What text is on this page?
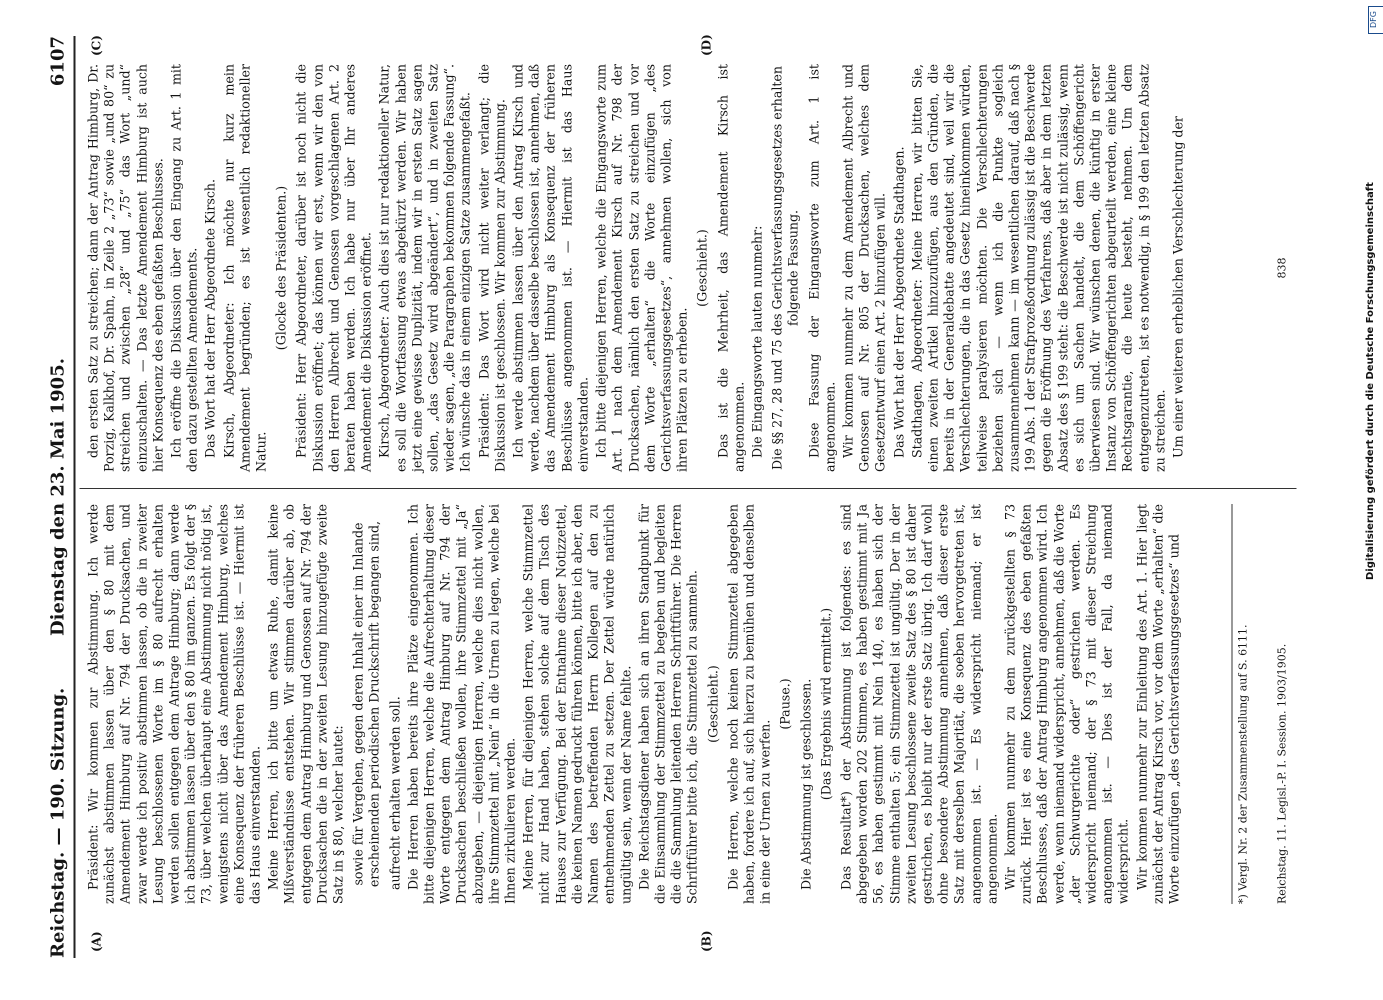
Reichstag. — 190. Sitzung.
Dienstag den 23. Mai 1905.
6107
(A)	(B)
(C)	(D)

Präsident: Wir kommen zur Abstimmung. Ich werde zunächst abstimmen lassen über den § 80 mit dem Amendement Himburg auf Nr. 794 der Drucksachen, und zwar werde ich positiv abstimmen lassen, ob die in zweiter Lesung beschlossenen Worte im § 80 aufrecht erhalten werden sollen entgegen dem Antrage Himburg; dann werde ich abstimmen lassen über den § 80 im ganzen. Es folgt der § 73, über welchen überhaupt eine Abstimmung nicht nötig ist, wenigstens nicht über das Amendement Himburg, welches eine Konsequenz der früheren Beschlüsse ist. — Hiermit ist das Haus einverstanden. Meine Herren, ich bitte um etwas Ruhe, damit keine Mißverständnisse entstehen. Wir stimmen darüber ab, ob entgegen dem Antrag Himburg und Genossen auf Nr. 794 der Drucksachen die in der zweiten Lesung hinzugefügte zweite Satz in § 80, welcher lautet: sowie für Vergehen, gegen deren Inhalt einer im Inlande erscheinenden periodischen Druckschrift begangen sind, aufrecht erhalten werden soll. Die Herren haben bereits ihre Plätze eingenommen. Ich bitte diejenigen Herren, welche die Aufrechterhaltung dieser Worte entgegen dem Antrag Himburg auf Nr. 794 der Drucksachen beschließen wollen, ihre Stimmzettel mit „Ja“ abzugeben, — diejenigen Herren, welche dies nicht wollen, ihre Stimmzettel mit „Nein“ in die Urnen zu legen, welche bei Ihnen zirkulieren werden. Meine Herren, für diejenigen Herren, welche Stimmzettel nicht zur Hand haben, stehen solche auf dem Tisch des Hauses zur Verfügung. Bei der Entnahme dieser Notizzettel, die keinen Namen gedruckt führen können, bitte ich aber, den Namen des betreffenden Herrn Kollegen auf den zu entnehmenden Zettel zu setzen. Der Zettel würde natürlich ungültig sein, wenn der Name fehlte. Die Reichstagsdiener haben sich an ihren Standpunkt für die Einsammlung der Stimmzettel zu begeben und begleiten die die Sammlung leitenden Herren Schriftführer. Die Herren Schriftführer bitte ich, die Stimmzettel zu sammeln. (Geschieht.) Die Herren, welche noch keinen Stimmzettel abgegeben haben, fordere ich auf, sich hierzu zu bemühen und denselben in eine der Urnen zu werfen.

(Pause.) Die Abstimmung ist geschlossen. (Das Ergebnis wird ermittelt.) Das Resultat*) der Abstimmung ist folgendes: es sind abgegeben worden 202 Stimmen, es haben gestimmt mit Ja 56, es haben gestimmt mit Nein 140, es haben sich der Stimme enthalten 5; ein Stimmzettel ist ungültig. Der in der zweiten Lesung beschlossene zweite Satz des § 80 ist daher gestrichen, es bleibt nur der erste Satz übrig. Ich darf wohl ohne besondere Abstimmung annehmen, daß dieser erste Satz mit derselben Majorität, die soeben hervorgetreten ist, angenommen ist. — Es widerspricht niemand; er ist angenommen. Wir kommen nunmehr zu dem zurückgestellten § 73 zurück. Hier ist es eine Konsequenz des eben gefaßten Beschlusses, daß der Antrag Himburg angenommen wird. Ich werde, wenn niemand widerspricht, annehmen, daß die Worte „der Schwurgerichte oder“ gestrichen werden. Es widerspricht niemand; der § 73 mit dieser Streichung angenommen ist. — Dies ist der Fall, da niemand widerspricht. Wir kommen nunmehr zur Einleitung des Art. 1. Hier liegt zunächst der Antrag Kirsch vor, vor dem Worte „erhalten“ die Worte einzufügen „des Gerichtsverfassungsgesetzes“ und

den ersten Satz zu streichen; dann der Antrag Himburg, Dr. Porzig, Kalkhof, Dr. Spahn, in Zeile 2 „73“ sowie „und 80“ zu streichen und zwischen „28“ und „75“ das Wort „und“ einzuschalten. — Das letzte Amendement Himburg ist auch hier Konsequenz des eben gefaßten Beschlusses. Ich eröffne die Diskussion über den Eingang zu Art. 1 mit den dazu gestellten Amendements. Das Wort hat der Herr Abgeordnete Kirsch. Kirsch, Abgeordneter: Ich möchte nur kurz mein Amendement begründen; es ist wesentlich redaktioneller Natur.

(Glocke des Präsidenten.) Präsident: Herr Abgeordneter, darüber ist noch nicht die Diskussion eröffnet; das können wir erst, wenn wir den von den Herren Albrecht und Genossen vorgeschlagenen Art. 2 beraten haben werden. Ich habe nur über Ihr anderes Amendement die Diskussion eröffnet. Kirsch, Abgeordneter: Auch dies ist nur redaktioneller Natur, es soll die Wortfassung etwas abgekürzt werden. Wir haben jetzt eine gewisse Duplizität, indem wir in ersten Satz sagen sollen, „das Gesetz wird abgeändert“, und in zweiten Satz wieder sagen, „die Paragraphen bekommen folgende Fassung“. Ich wünsche das in einem einzigen Satze zusammengefaßt. Präsident: Das Wort wird nicht weiter verlangt; die Diskussion ist geschlossen. Wir kommen zur Abstimmung. Ich werde abstimmen lassen über den Antrag Kirsch und werde, nachdem über dasselbe beschlossen ist, annehmen, daß das Amendement Himburg als Konsequenz der früheren Beschlüsse angenommen ist. — Hiermit ist das Haus einverstanden. Ich bitte diejenigen Herren, welche die Eingangsworte zum Art. 1 nach dem Amendement Kirsch auf Nr. 798 der Drucksachen, nämlich den ersten Satz zu streichen und vor dem Worte „erhalten“ die Worte einzufügen „des Gerichtsverfassungsgesetzes“, annehmen wollen, sich von ihren Plätzen zu erheben.

(Geschieht.) Das ist die Mehrheit, das Amendement Kirsch ist angenommen. Die Eingangsworte lauten nunmehr: Die §§ 27, 28 und 75 des Gerichtsverfassungsgesetzes erhalten folgende Fassung. Diese Fassung der Eingangsworte zum Art. 1 ist angenommen. Wir kommen nunmehr zu dem Amendement Albrecht und Genossen auf Nr. 805 der Drucksachen, welches dem Gesetzentwurf einen Art. 2 hinzufügen will. Das Wort hat der Herr Abgeordnete Stadthagen. Stadthagen, Abgeordneter: Meine Herren, wir bitten Sie, einen zweiten Artikel hinzuzufügen, aus den Gründen, die bereits in der Generaldebatte angedeutet sind, weil wir die Verschlechterungen, die in das Gesetz hineinkommen würden, teilweise paralysieren möchten. Die Verschlechterungen beziehen sich — wenn ich die Punkte sogleich zusammennehmen kann — im wesentlichen darauf, daß nach § 199 Abs. 1 der Strafprozeßordnung zulässig ist die Beschwerde gegen die Eröffnung des Verfahrens, daß aber in dem letzten Absatz des § 199 steht: die Beschwerde ist nicht zulässig, wenn es sich um Sachen handelt, die dem Schöffengericht überwiesen sind. Wir wünschen denen, die künftig in erster Instanz von Schöffengerichten abgeurteilt werden, eine kleine Rechtsgarantie, die heute besteht, nehmen. Um dem entgegenzutreten, ist es notwendig, in § 199 den letzten Absatz zu streichen. Um einer weiteren erheblichen Verschlechterung der

*) Vergl. Nr. 2 der Zusammenstellung auf S. 6111. Reichstag. 11. Legisl.-P. I. Session. 1903/1905.
838
DFG
Digitalisierung gefördert durch die Deutsche Forschungsgemeinschaft
